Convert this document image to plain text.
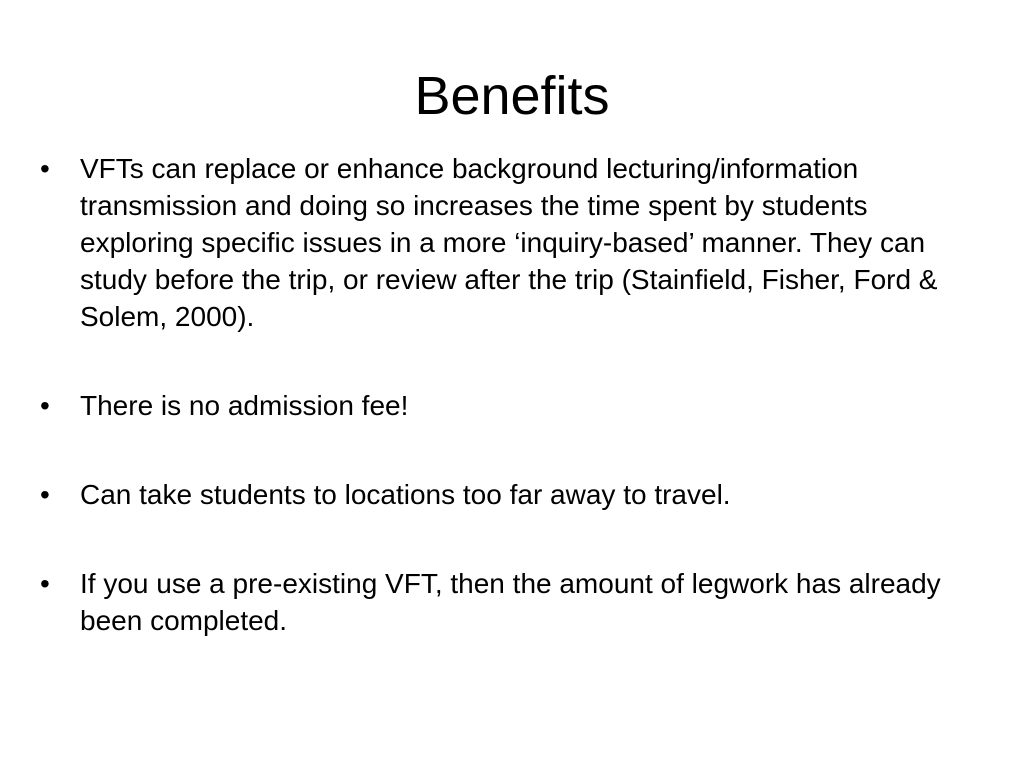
Benefits
•	VFTs can replace or enhance background lecturing/information transmission and doing so increases the time spent by students exploring specific issues in a more ‘inquiry-based’ manner. They can study before the trip, or review after the trip (Stainfield, Fisher, Ford & Solem, 2000).
•	There is no admission fee!
•	Can take students to locations too far away to travel.
•	If you use a pre-existing VFT, then the amount of legwork has already been completed.
